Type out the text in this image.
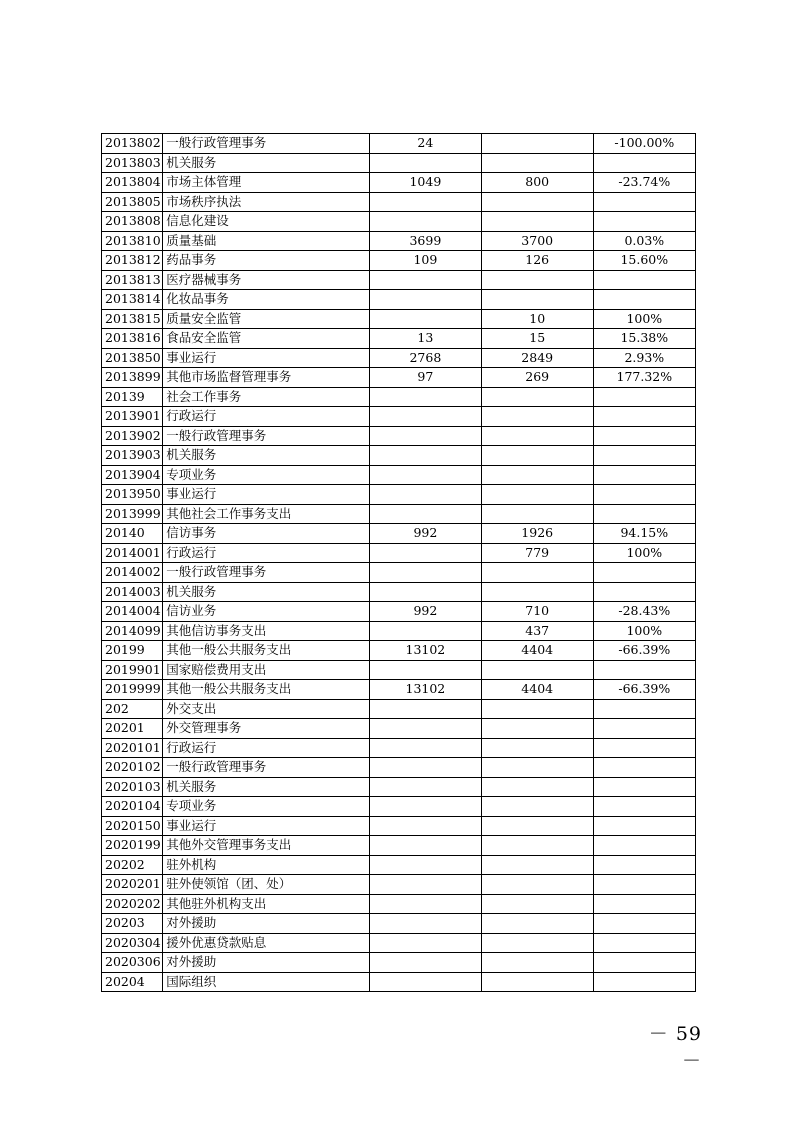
2013802	一般行政管理事务	24		-100.00%
2013803	机关服务			
2013804	市场主体管理	1049	800	-23.74%
2013805	市场秩序执法			
2013808	信息化建设			
2013810	质量基础	3699	3700	0.03%
2013812	药品事务	109	126	15.60%
2013813	医疗器械事务			
2013814	化妆品事务			
2013815	质量安全监管		10	100%
2013816	食品安全监管	13	15	15.38%
2013850	事业运行	2768	2849	2.93%
2013899	其他市场监督管理事务	97	269	177.32%
20139	社会工作事务			
2013901	行政运行			
2013902	一般行政管理事务			
2013903	机关服务			
2013904	专项业务			
2013950	事业运行			
2013999	其他社会工作事务支出			
20140	信访事务	992	1926	94.15%
2014001	行政运行		779	100%
2014002	一般行政管理事务			
2014003	机关服务			
2014004	信访业务	992	710	-28.43%
2014099	其他信访事务支出		437	100%
20199	其他一般公共服务支出	13102	4404	-66.39%
2019901	国家赔偿费用支出			
2019999	其他一般公共服务支出	13102	4404	-66.39%
202	外交支出			
20201	外交管理事务			
2020101	行政运行			
2020102	一般行政管理事务			
2020103	机关服务			
2020104	专项业务			
2020150	事业运行			
2020199	其他外交管理事务支出			
20202	驻外机构			
2020201	驻外使领馆（团、处）			
2020202	其他驻外机构支出			
20203	对外援助			
2020304	援外优惠贷款贴息			
2020306	对外援助			
20204	国际组织			
－ 59 －
